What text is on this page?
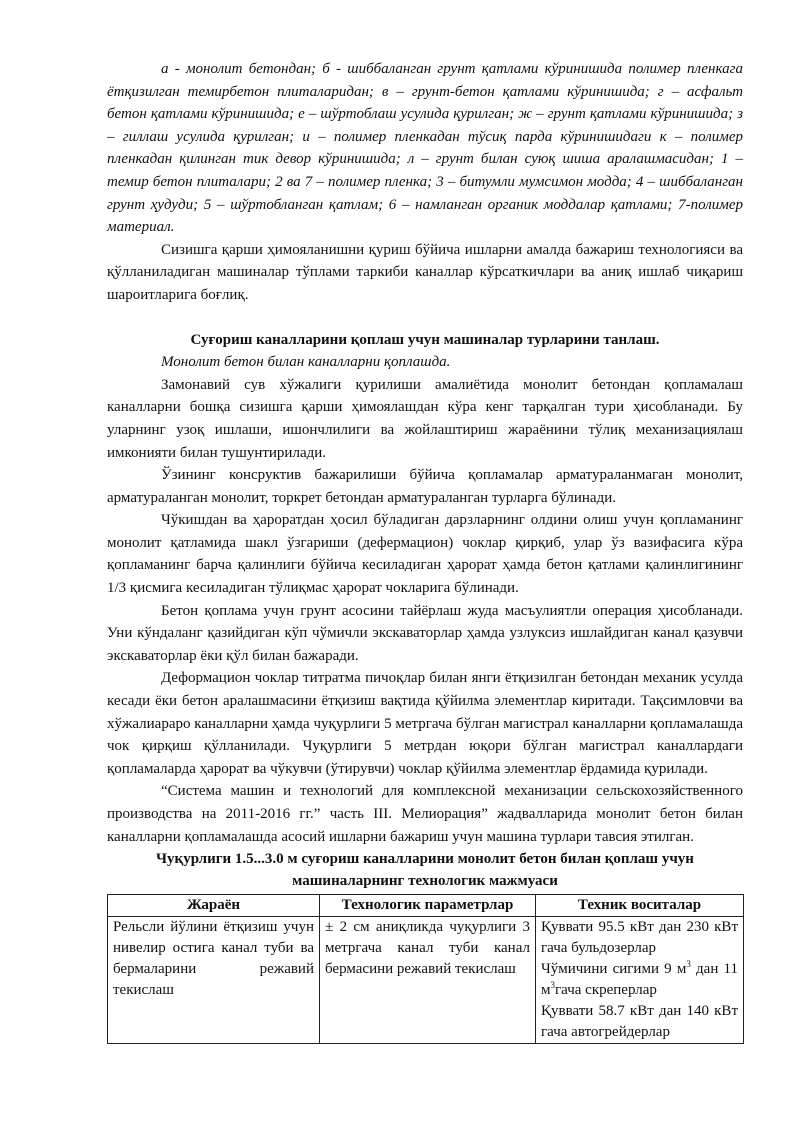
а - монолит бетондан; б - шиббаланган грунт қатлами кўринишида полимер пленкага ётқизилган темирбетон плиталаридан; в – грунт-бетон қатлами кўринишида; г – асфальт бетон қатлами кўринишида; е – шўртоблаш усулида қурилган; ж – грунт қатлами кўринишида; з – гиллаш усулида қурилган; и – полимер пленкадан тўсиқ парда кўринишидаги к – полимер пленкадан қилинган тик девор кўринишида; л – грунт билан суюқ шиша аралашмасидан; 1 – темир бетон плиталари; 2 ва 7 – полимер пленка; 3 – битумли мумсимон модда; 4 – шиббаланган грунт ҳудуди; 5 – шўртобланган қатлам; 6 – намланган органик моддалар қатлами; 7-полимер материал.

Сизишга қарши ҳимояланишни қуриш бўйича ишларни амалда бажариш технологияси ва қўлланиладиган машиналар тўплами таркиби каналлар кўрсаткичлари ва аниқ ишлаб чиқариш шароитларига боғлиқ.

Суғориш каналларини қоплаш учун машиналар турларини танлаш.

Монолит бетон билан каналларни қоплашда.

Замонавий сув хўжалиги қурилиши амалиётида монолит бетондан қопламалаш каналларни бошқа сизишга қарши ҳимоялашдан кўра кенг тарқалган тури ҳисобланади. Бу уларнинг узоқ ишлаши, ишончлилиги ва жойлаштириш жараёнини тўлиқ механизациялаш имконияти билан тушунтирилади.

Ўзининг консруктив бажарилиши бўйича қопламалар арматураланмаган монолит, арматураланган монолит, торкрет бетондан арматураланган турларга бўлинади.

Чўкишдан ва ҳароратдан ҳосил бўладиган дарзларнинг олдини олиш учун қопламанинг монолит қатламида шакл ўзгариши (дефермацион) чоклар қирқиб, улар ўз вазифасига кўра қопламанинг барча қалинлиги бўйича кесиладиган ҳарорат ҳамда бетон қатлами қалинлигининг 1/3 қисмига кесиладиган тўлиқмас ҳарорат чокларига бўлинади.

Бетон қоплама учун грунт асосини тайёрлаш жуда масъулиятли операция ҳисобланади. Уни кўндаланг қазийдиган кўп чўмичли экскаваторлар ҳамда узлуксиз ишлайдиган канал қазувчи экскаваторлар ёки қўл билан бажаради.

Деформацион чоклар титратма пичоқлар билан янги ётқизилган бетондан механик усулда кесади ёки бетон аралашмасини ётқизиш вақтида қўйилма элементлар киритади. Тақсимловчи ва хўжалиараро каналларни ҳамда чуқурлиги 5 метргача бўлган магистрал каналларни қопламалашда чок қирқиш қўлланилади. Чуқурлиги 5 метрдан юқори бўлган магистрал каналлардаги қопламаларда ҳарорат ва чўкувчи (ўтирувчи) чоклар қўйилма элементлар ёрдамида қурилади.

“Система машин и технологий для комплексной механизации сельскохозяйственного производства на 2011-2016 гг.” часть III. Мелиорация” жадвалларида монолит бетон билан каналларни қопламалашда асосий ишларни бажариш учун машина турлари тавсия этилган.

Чуқурлиги 1.5...3.0 м суғориш каналларини монолит бетон билан қоплаш учун машиналарнинг технологик мажмуаси

Жараён	Технологик параметрлар	Техник воситалар
Рельсли йўлини ётқизиш учун нивелир остига канал туби ва бермаларини режавий текислаш	± 2 см аниқликда чуқурлиги 3 метргача канал туби канал бермасини режавий текислаш	Қуввати 95.5 кВт дан 230 кВт гача бульдозерлар

Чўмичини сигими 9 $м^3$ дан 11 $м^3гача$ скреперлар

Қуввати 58.7 кВт дан 140 кВт гача автогрейдерлар
